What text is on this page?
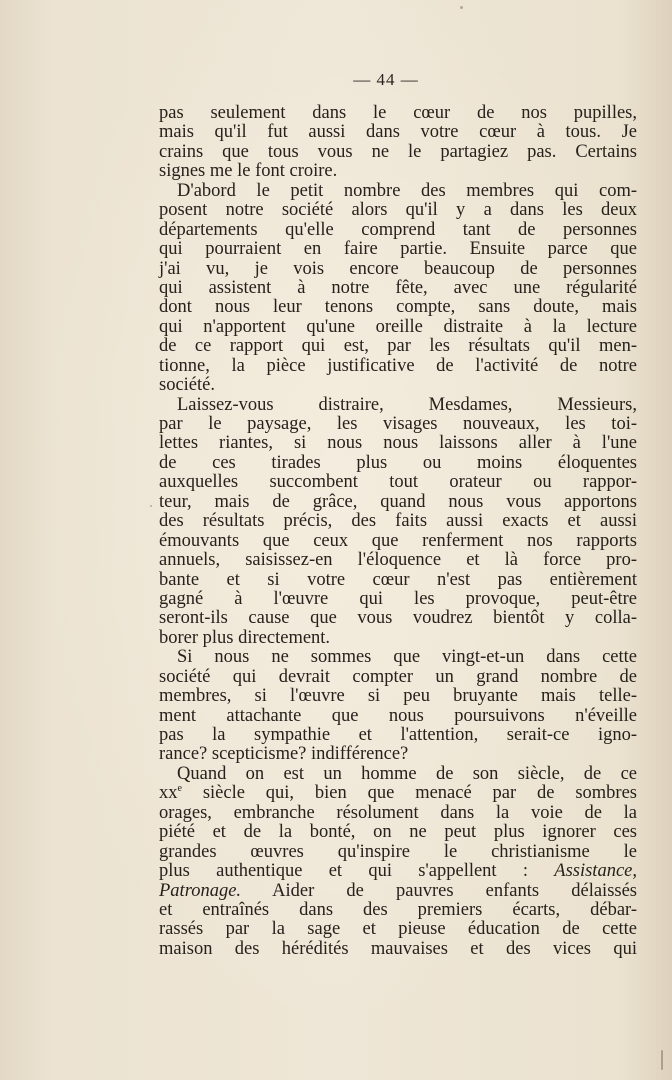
— 44 —
pas seulement dans le cœur de nos pupilles,
mais qu'il fut aussi dans votre cœur à tous. Je
crains que tous vous ne le partagiez pas. Certains
signes me le font croire.
D'abord le petit nombre des membres qui com-
posent notre société alors qu'il y a dans les deux
départements qu'elle comprend tant de personnes
qui pourraient en faire partie. Ensuite parce que
j'ai vu, je vois encore beaucoup de personnes
qui assistent à notre fête, avec une régularité
dont nous leur tenons compte, sans doute, mais
qui n'apportent qu'une oreille distraite à la lecture
de ce rapport qui est, par les résultats qu'il men-
tionne, la pièce justificative de l'activité de notre
société.
Laissez-vous distraire, Mesdames, Messieurs,
par le paysage, les visages nouveaux, les toi-
lettes riantes, si nous nous laissons aller à l'une
de ces tirades plus ou moins éloquentes
auxquelles succombent tout orateur ou rappor-
teur, mais de grâce, quand nous vous apportons
des résultats précis, des faits aussi exacts et aussi
émouvants que ceux que renferment nos rapports
annuels, saisissez-en l'éloquence et là force pro-
bante et si votre cœur n'est pas entièrement
gagné à l'œuvre qui les provoque, peut-être
seront-ils cause que vous voudrez bientôt y colla-
borer plus directement.
Si nous ne sommes que vingt-et-un dans cette
société qui devrait compter un grand nombre de
membres, si l'œuvre si peu bruyante mais telle-
ment attachante que nous poursuivons n'éveille
pas la sympathie et l'attention, serait-ce igno-
rance? scepticisme? indifférence?
Quand on est un homme de son siècle, de ce
$xx^e$ siècle qui, bien que menacé par de sombres
orages, embranche résolument dans la voie de la
piété et de la bonté, on ne peut plus ignorer ces
grandes œuvres qu'inspire le christianisme le
plus authentique et qui s'appellent : Assistance,
Patronage. Aider de pauvres enfants délaissés
et entraînés dans des premiers écarts, débar-
rassés par la sage et pieuse éducation de cette
maison des hérédités mauvaises et des vices qui
